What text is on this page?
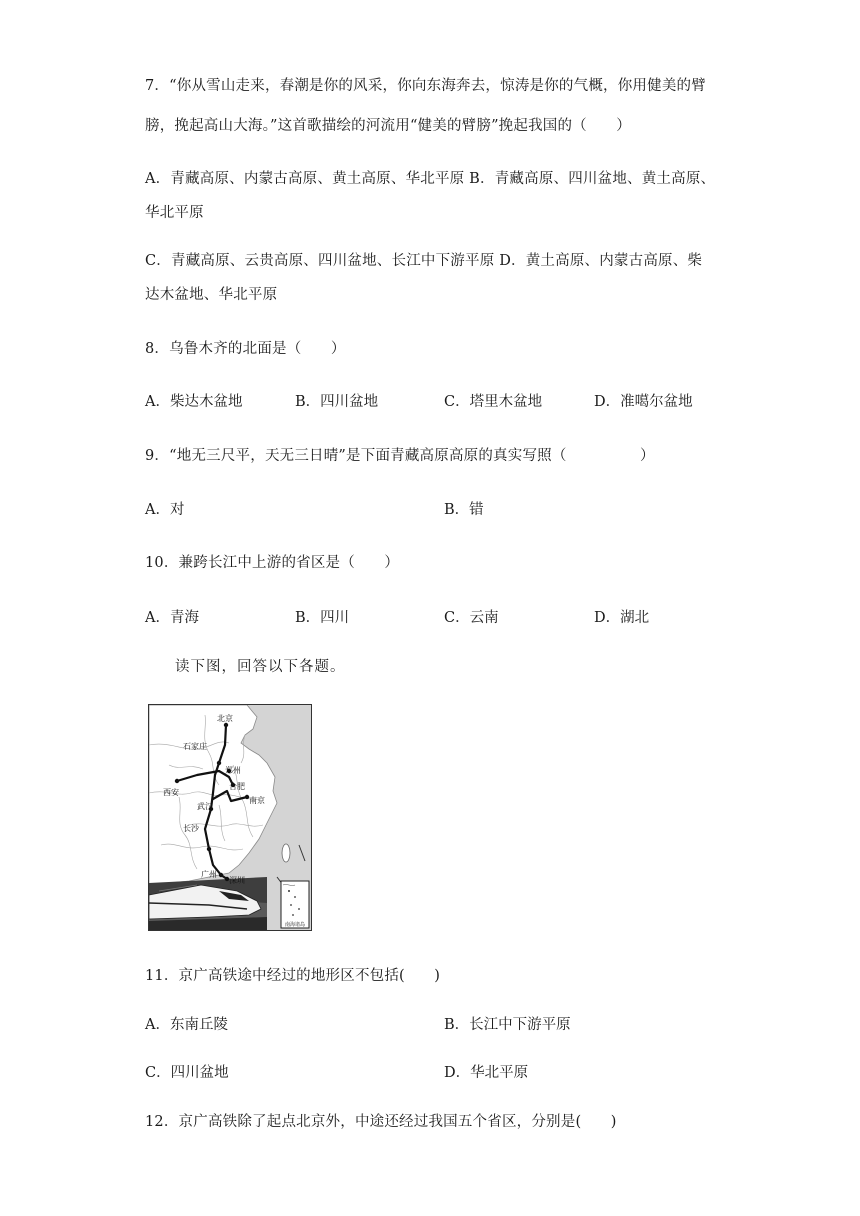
7．“你从雪山走来，春潮是你的风采，你向东海奔去，惊涛是你的气概，你用健美的臂
膀，挽起高山大海。”这首歌描绘的河流用“健美的臂膀”挽起我国的（　　）
A．青藏高原、内蒙古高原、黄土高原、华北平原 B．青藏高原、四川盆地、黄土高原、
华北平原
C．青藏高原、云贵高原、四川盆地、长江中下游平原 D．黄土高原、内蒙古高原、柴
达木盆地、华北平原
8．乌鲁木齐的北面是（　　）
A．柴达木盆地	B．四川盆地	C．塔里木盆地	D．准噶尔盆地
9．“地无三尺平，天无三日晴”是下面青藏高原高原的真实写照（　　　　　）
A．对	B．错
10．兼跨长江中上游的省区是（　　）
A．青海	B．四川	C．云南	D．湖北
读下图，回答以下各题。
南海诸岛
北京
石家庄
郑州
西安
合肥
南京
武汉
长沙
广州
深圳
11．京广高铁途中经过的地形区不包括(　　)
A．东南丘陵	B．长江中下游平原
C．四川盆地	D．华北平原
12．京广高铁除了起点北京外，中途还经过我国五个省区，分别是(　　)
